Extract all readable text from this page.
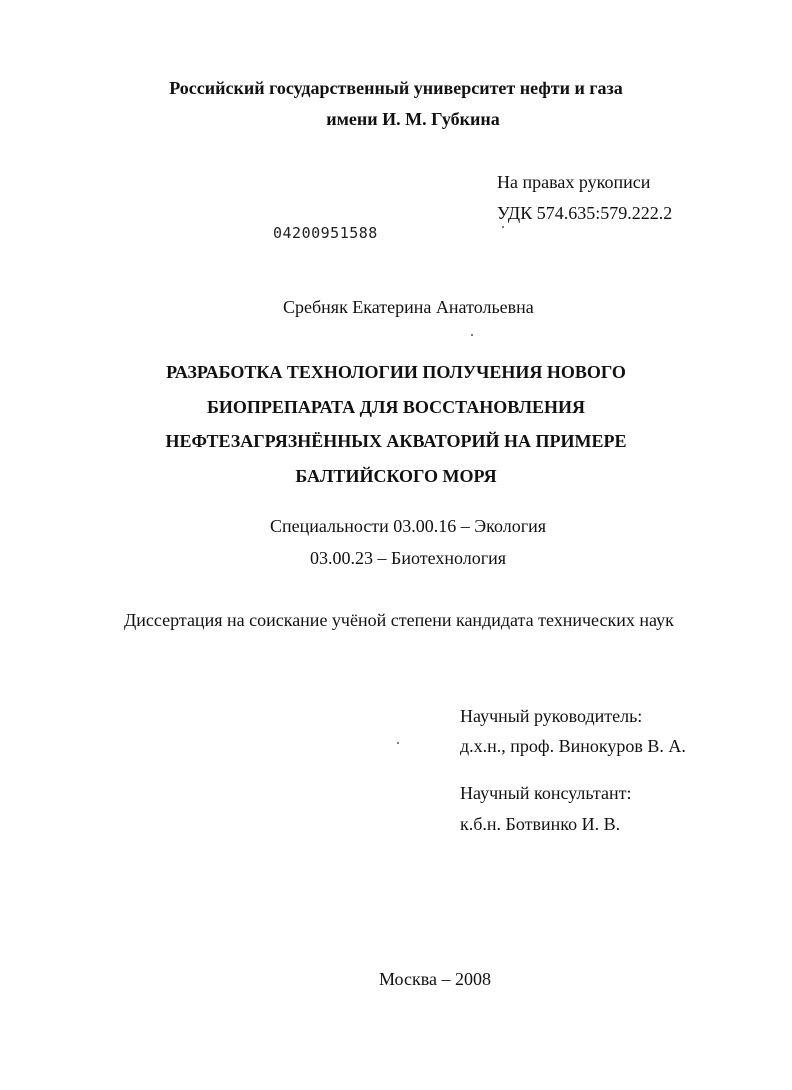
Российский государственный университет нефти и газа
имени И. М. Губкина
На правах рукописи
УДК 574.635:579.222.2
04200951588
Сребняк Екатерина Анатольевна
РАЗРАБОТКА ТЕХНОЛОГИИ ПОЛУЧЕНИЯ НОВОГО
БИОПРЕПАРАТА ДЛЯ ВОССТАНОВЛЕНИЯ
НЕФТЕЗАГРЯЗНЁННЫХ АКВАТОРИЙ НА ПРИМЕРЕ
БАЛТИЙСКОГО МОРЯ
Специальности 03.00.16 – Экология
03.00.23 – Биотехнология
Диссертация на соискание учёной степени кандидата технических наук
Научный руководитель:
д.х.н., проф. Винокуров В. А.
Научный консультант:
к.б.н. Ботвинко И. В.
Москва – 2008
